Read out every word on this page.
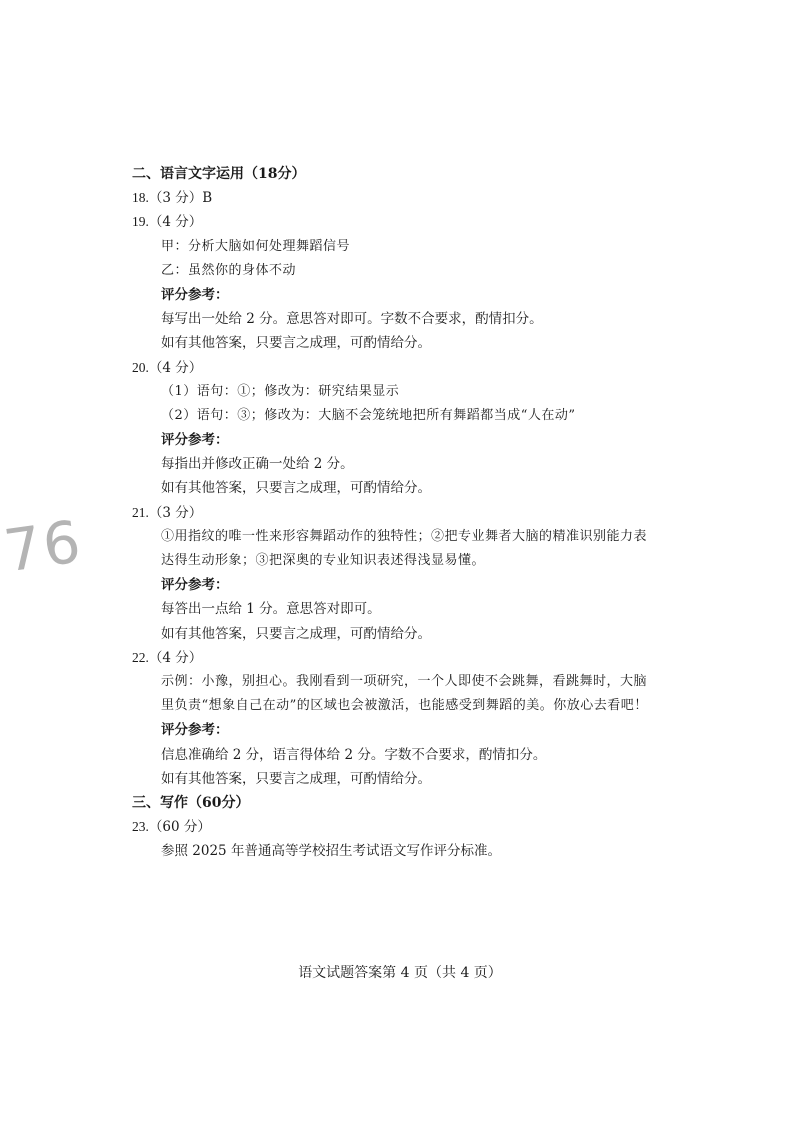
76
二、语言文字运用（18分）
18.（3 分）B
19.（4 分）
甲：分析大脑如何处理舞蹈信号
乙：虽然你的身体不动
评分参考：
每写出一处给 2 分。意思答对即可。字数不合要求，酌情扣分。
如有其他答案，只要言之成理，可酌情给分。
20.（4 分）
（1）语句：①；修改为：研究结果显示
（2）语句：③；修改为：大脑不会笼统地把所有舞蹈都当成“人在动”
评分参考：
每指出并修改正确一处给 2 分。
如有其他答案，只要言之成理，可酌情给分。
21.（3 分）
①用指纹的唯一性来形容舞蹈动作的独特性；②把专业舞者大脑的精准识别能力表
达得生动形象；③把深奥的专业知识表述得浅显易懂。
评分参考：
每答出一点给 1 分。意思答对即可。
如有其他答案，只要言之成理，可酌情给分。
22.（4 分）
示例：小豫，别担心。我刚看到一项研究，一个人即使不会跳舞，看跳舞时，大脑
里负责“想象自己在动”的区域也会被激活，也能感受到舞蹈的美。你放心去看吧！
评分参考：
信息准确给 2 分，语言得体给 2 分。字数不合要求，酌情扣分。
如有其他答案，只要言之成理，可酌情给分。
三、写作（60分）
23.（60 分）
参照 2025 年普通高等学校招生考试语文写作评分标准。
语文试题答案第 4 页（共 4 页）
